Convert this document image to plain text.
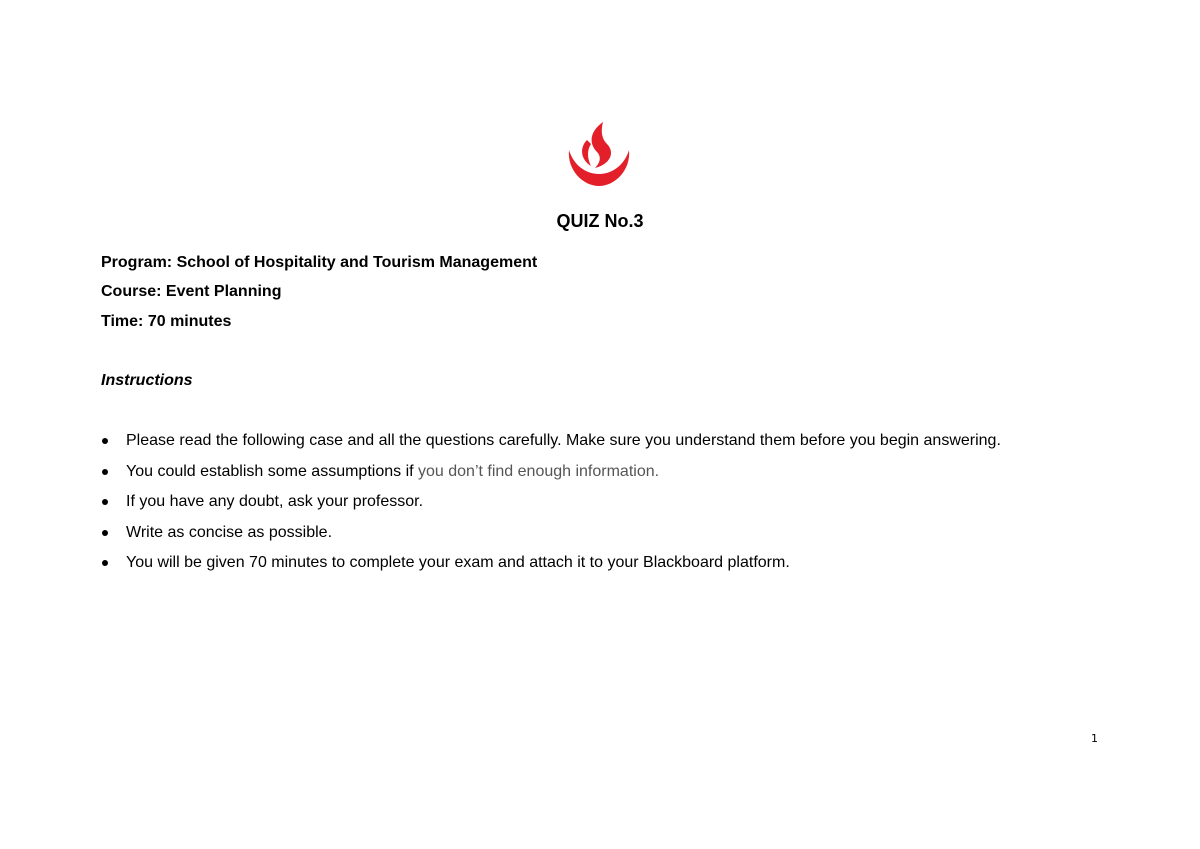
QUIZ No.3
Program: School of Hospitality and Tourism Management
Course: Event Planning
Time: 70 minutes
Instructions
Please read the following case and all the questions carefully. Make sure you understand them before you begin answering.
You could establish some assumptions if you don’t find enough information.
If you have any doubt, ask your professor.
Write as concise as possible.
You will be given 70 minutes to complete your exam and attach it to your Blackboard platform.
1
